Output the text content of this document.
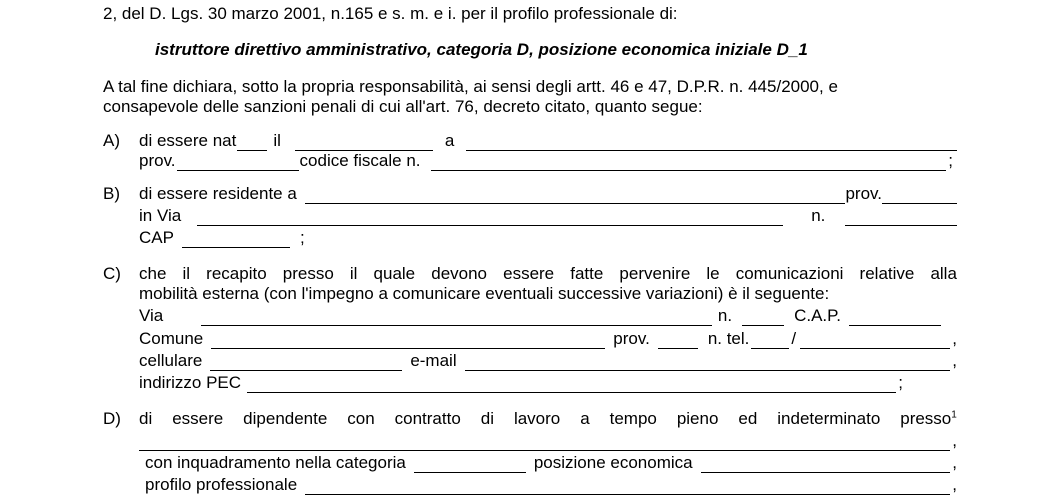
2, del D. Lgs. 30 marzo 2001, n.165 e s. m. e i. per il profilo professionale di:
istruttore direttivo amministrativo, categoria D, posizione economica iniziale D_1
A tal fine dichiara, sotto la propria responsabilità, ai sensi degli artt. 46 e 47, D.P.R. n. 445/2000, e
consapevole delle sanzioni penali di cui all'art. 76, decreto citato, quanto segue:
A) di essere nat il	a
prov.	codice fiscale n.	;
B) di essere residente a	prov.
in Via	n.
CAP	;
C) che il recapito presso il quale devono essere fatte pervenire le comunicazioni relative alla
mobilità esterna (con l'impegno a comunicare eventuali successive variazioni) è il seguente:
Via	n.	C.A.P.
Comune	prov.	n. tel. /	,
cellulare	e-mail	,
indirizzo PEC	;
D) di essere dipendente con contratto di lavoro a tempo pieno ed indeterminato presso$^1$
,
con inquadramento nella categoria	posizione economica	,
profilo professionale	,
